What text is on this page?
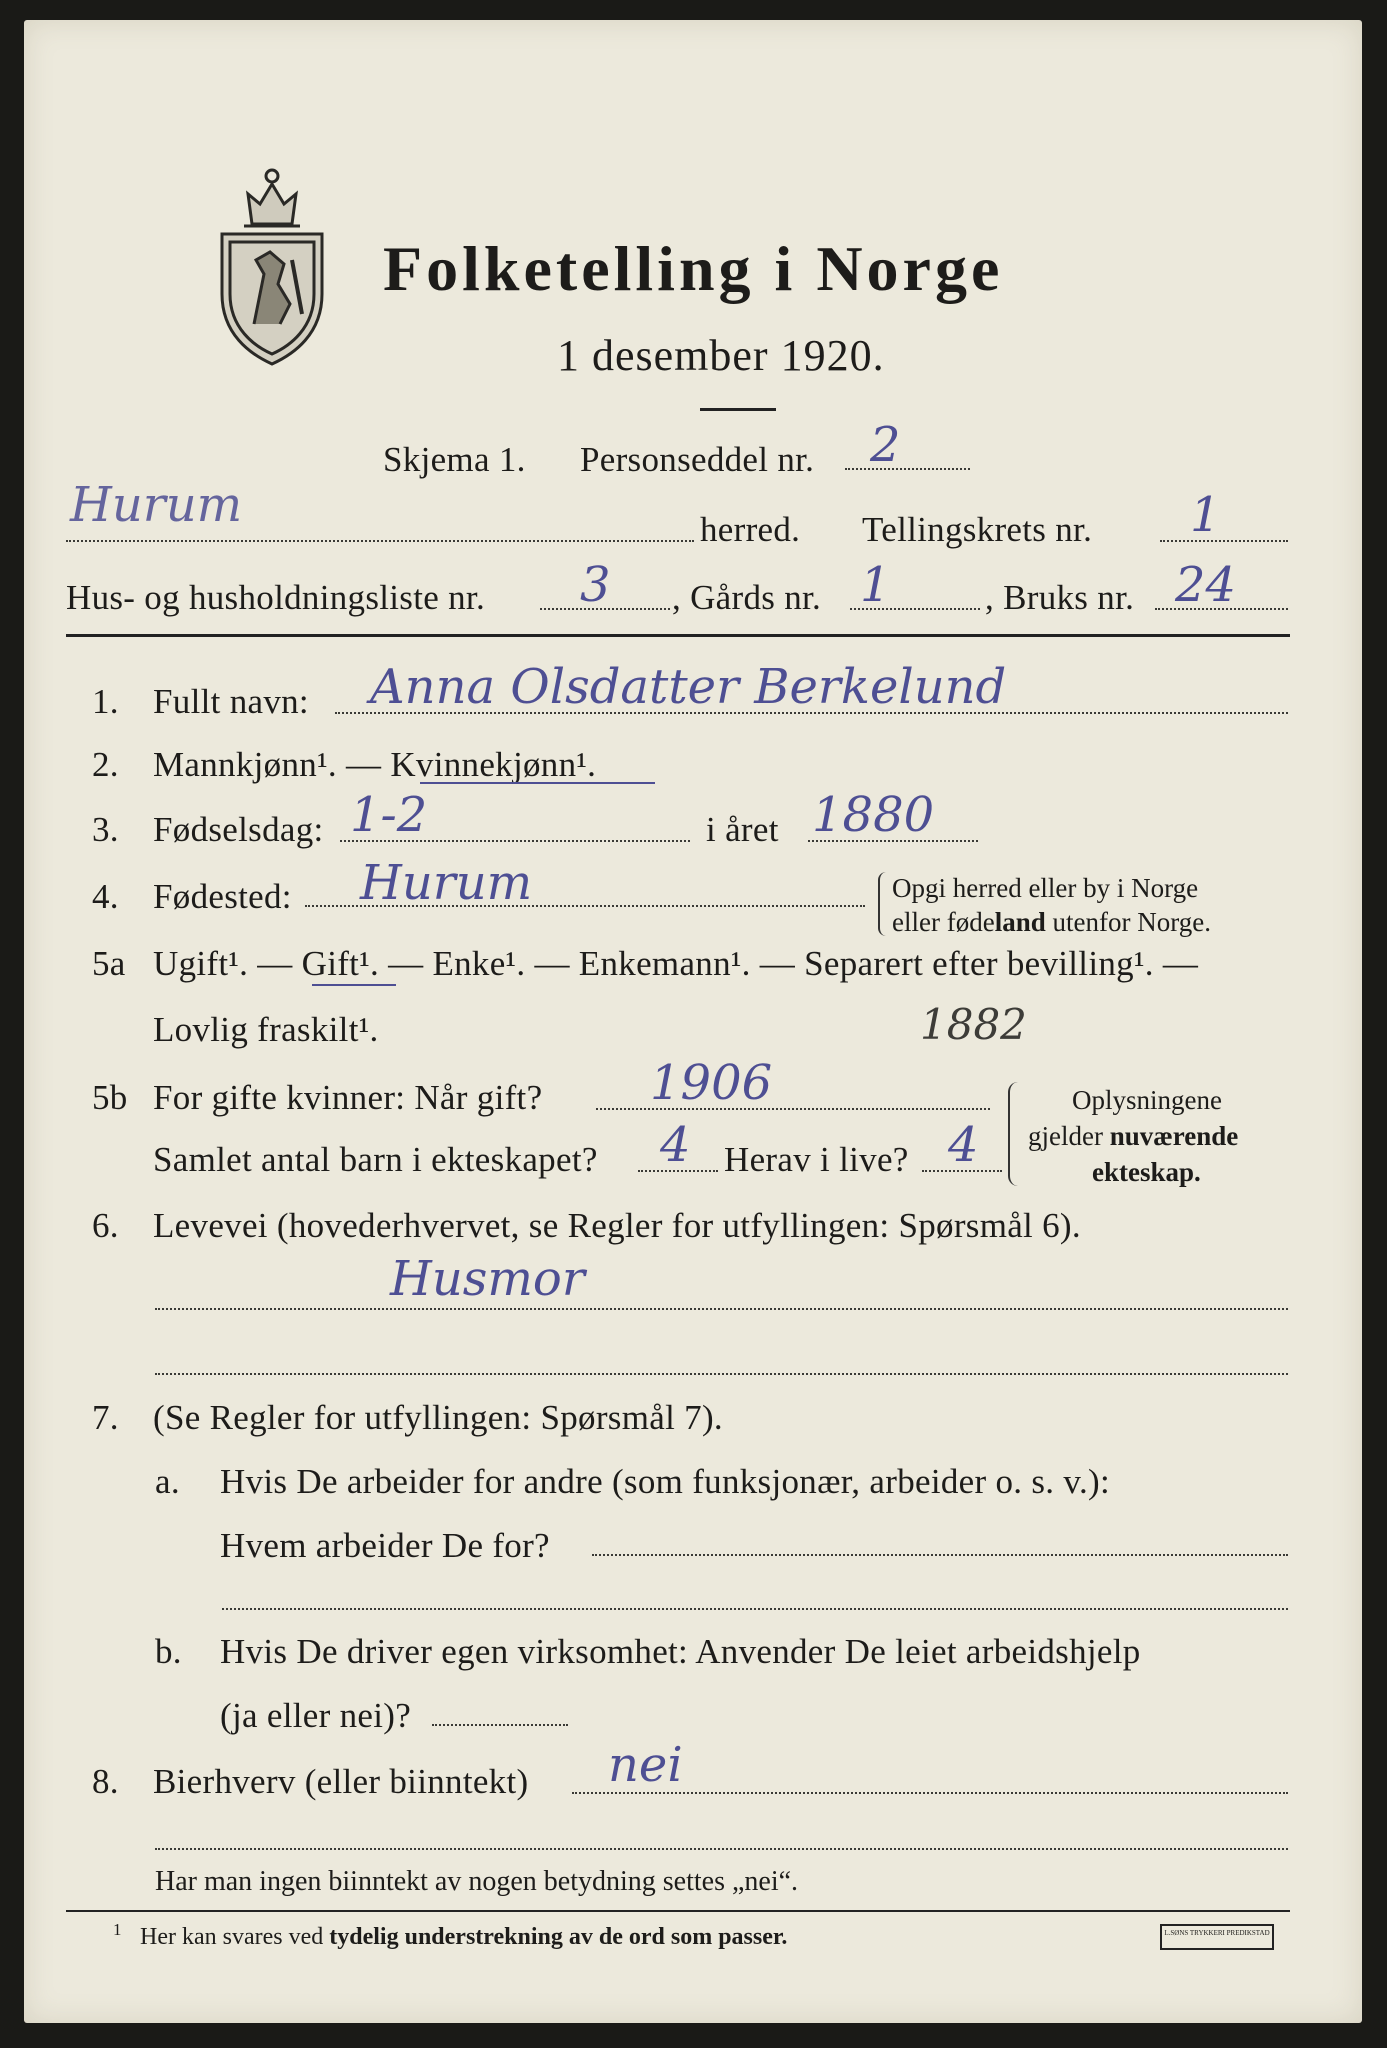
Folketelling i Norge
1 desember 1920.
Skjema 1. Personseddel nr. 2
Hurum	herred. Tellingskrets nr. 1
Hus- og husholdningsliste nr. 3 , Gårds nr. 1	, Bruks nr. 24
1. Fullt navn: Anna Olsdatter Berkelund
2. Mannkjønn¹. — Kvinnekjønn¹.
3. Fødselsdag: 1-2	i året 1880
4. Fødested: Hurum	Opgi herred eller by i Norge
eller fødeland utenfor Norge.
5a Ugift¹. — Gift¹. — Enke¹. — Enkemann¹. — Separert efter bevilling¹. —
Lovlig fraskilt¹.	1882
5b For gifte kvinner: Når gift? 1906
Samlet antal barn i ekteskapet? 4 Herav i live? 4
Oplysningene
gjelder nuværende
ekteskap.
6. Levevei (hovederhvervet, se Regler for utfyllingen: Spørsmål 6).
Husmor
7. (Se Regler for utfyllingen: Spørsmål 7).
a. Hvis De arbeider for andre (som funksjonær, arbeider o. s. v.):
Hvem arbeider De for?
b. Hvis De driver egen virksomhet: Anvender De leiet arbeidshjelp
(ja eller nei)?
8. Bierhverv (eller biinntekt) nei
Har man ingen biinntekt av nogen betydning settes „nei“.
1 Her kan svares ved tydelig understrekning av de ord som passer.	L.SØNS TRYKKERI PREDIKSTAD
